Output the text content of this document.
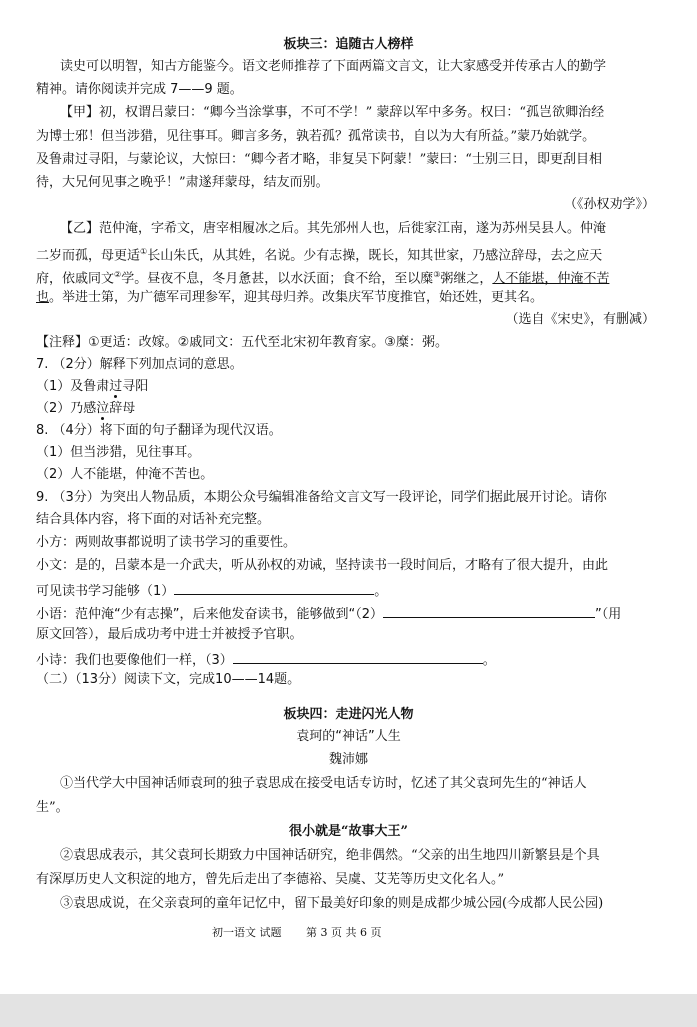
板块三：追随古人榜样
读史可以明智，知古方能鉴今。语文老师推荐了下面两篇文言文，让大家感受并传承古人的勤学
精神。请你阅读并完成 7——9 题。
【甲】初，权谓吕蒙曰：“卿今当涂掌事，不可不学！” 蒙辞以军中多务。权曰：“孤岂欲卿治经
为博士邪！但当涉猎，见往事耳。卿言多务，孰若孤？孤常读书，自以为大有所益。”蒙乃始就学。
及鲁肃过寻阳，与蒙论议，大惊曰：“卿今者才略，非复吴下阿蒙！”蒙曰：“士别三日，即更刮目相
待，大兄何见事之晚乎！”肃遂拜蒙母，结友而别。
（《孙权劝学》）
【乙】范仲淹，字希文，唐宰相履冰之后。其先邠州人也，后徙家江南，遂为苏州吴县人。仲淹
二岁而孤，母更适①长山朱氏，从其姓，名说。少有志操，既长，知其世家，乃感泣辞母，去之应天
府，依戚同文②学。昼夜不息，冬月惫甚，以水沃面；食不给，至以糜③粥继之，人不能堪，仲淹不苦
也。举进士第，为广德军司理参军，迎其母归养。改集庆军节度推官，始还姓，更其名。
（选自《宋史》，有删减）
【注释】①更适：改嫁。②戚同文：五代至北宋初年教育家。③糜：粥。
7. （2分）解释下列加点词的意思。
（1）及鲁肃过寻阳
（2）乃感泣辞母
8. （4分）将下面的句子翻译为现代汉语。
（1）但当涉猎，见往事耳。
（2）人不能堪，仲淹不苦也。
9. （3分）为突出人物品质，本期公众号编辑准备给文言文写一段评论，同学们据此展开讨论。请你
结合具体内容，将下面的对话补充完整。
小方：两则故事都说明了读书学习的重要性。
小文：是的，吕蒙本是一介武夫，听从孙权的劝诫，坚持读书一段时间后，才略有了很大提升，由此
可见读书学习能够（1）	。
小语：范仲淹“少有志操”，后来他发奋读书，能够做到“（2）	”（用
原文回答），最后成功考中进士并被授予官职。
小诗：我们也要像他们一样，（3）	。
（二）（13分）阅读下文，完成10——14题。
板块四：走进闪光人物
袁珂的“神话”人生
魏沛娜
①当代学大中国神话师袁珂的独子袁思成在接受电话专访时，忆述了其父袁珂先生的“神话人
生”。
很小就是“故事大王”
②袁思成表示，其父袁珂长期致力中国神话研究，绝非偶然。“父亲的出生地四川新繁县是个具
有深厚历史人文积淀的地方，曾先后走出了李德裕、吴虞、艾芜等历史文化名人。”
③袁思成说，在父亲袁珂的童年记忆中，留下最美好印象的则是成都少城公园(今成都人民公园)
初一语文 试题 第 3 页 共 6 页
